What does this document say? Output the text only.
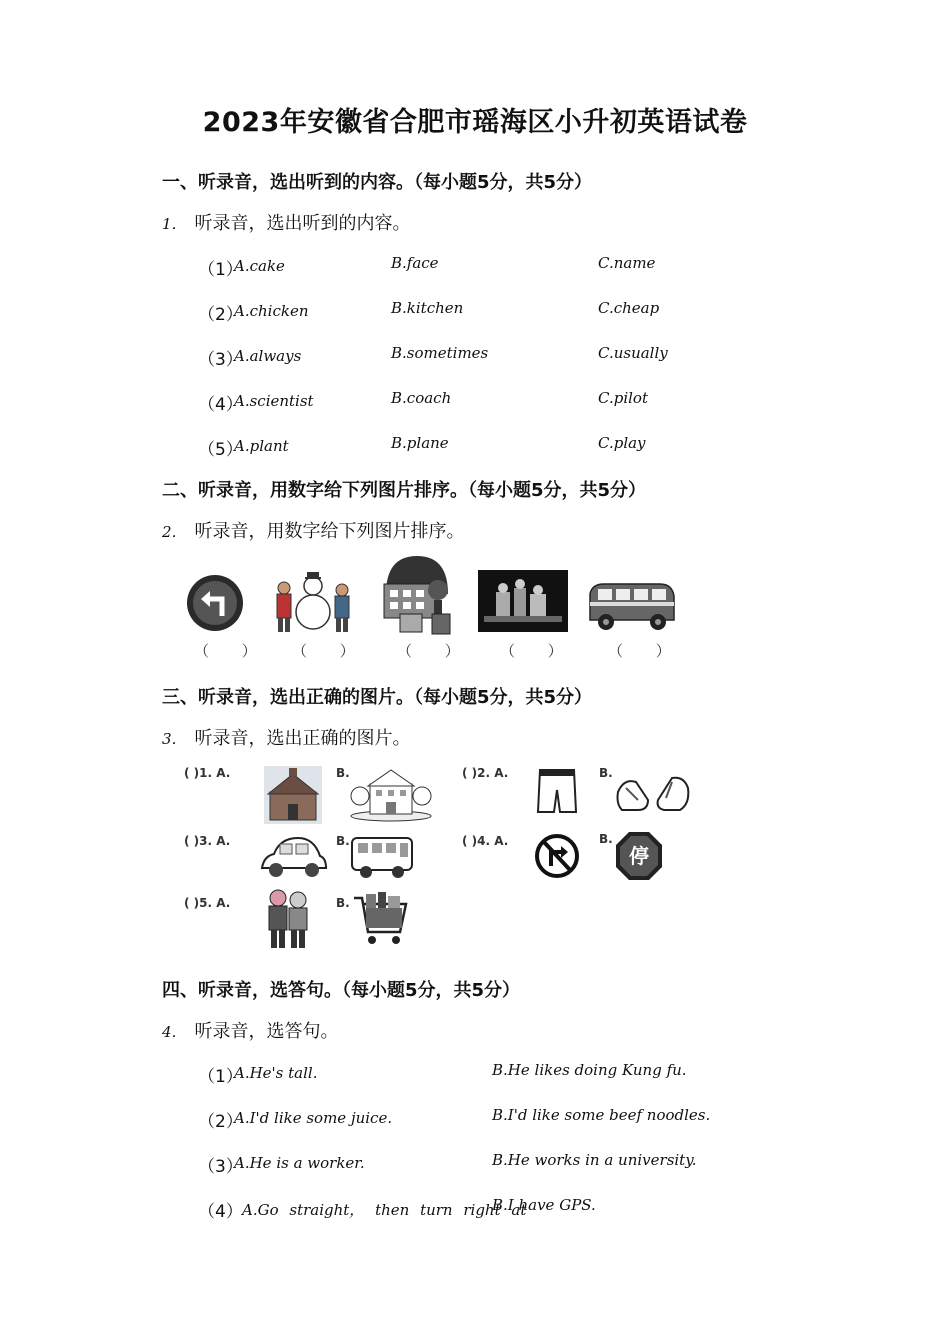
2023年安徽省合肥市瑶海区小升初英语试卷
一、听录音，选出听到的内容。（每小题5分，共5分）
1． 听录音，选出听到的内容。
（1）
A.cake	B.face	C.name
（2）
A.chicken	B.kitchen	C.cheap
（3）
A.always	B.sometimes	C.usually
（4）
A.scientist	B.coach	C.pilot
（5）
A.plant	B.plane	C.play
二、听录音，用数字给下列图片排序。（每小题5分，共5分）
2． 听录音，用数字给下列图片排序。
（ ） （ ） （ ） （ ） （ ）
三、听录音，选出正确的图片。（每小题5分，共5分）
3． 听录音，选出正确的图片。
( )1. A.	B.	( )2. A.	B.
( )3. A.	B.	( )4. A.	B.
停
( )5. A.	B.
四、听录音，选答句。（每小题5分，共5分）
4． 听录音，选答句。
（1）
A.He's tall.	B.He likes doing Kung fu.
（2）
A.I'd like some juice.	B.I'd like some beef noodles.
（3）
A.He is a worker.	B.He works in a university.
（4） A.Go straight， then turn right at
B.I have GPS.
